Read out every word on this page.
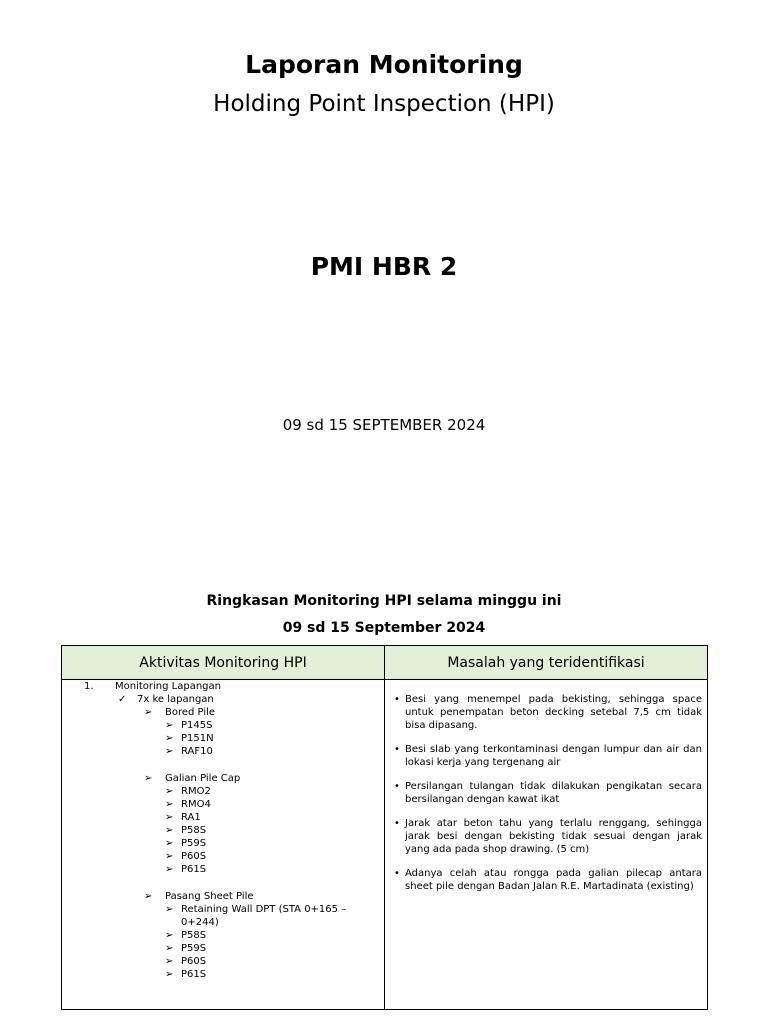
Laporan Monitoring
Holding Point Inspection (HPI)
PMI HBR 2
09 sd 15 SEPTEMBER 2024
Ringkasan Monitoring HPI selama minggu ini
09 sd 15 September 2024
Aktivitas Monitoring HPI	Masalah yang teridentifikasi
1. Monitoring Lapangan
✓ 7x ke lapangan
➢ Bored Pile
➢ P145S
➢ P151N
➢ RAF10
➢ Galian Pile Cap
➢ RMO2
➢ RMO4
➢ RA1
➢ P58S
➢ P59S
➢ P60S
➢ P61S
➢ Pasang Sheet Pile
➢ Retaining Wall DPT (STA 0+165 –
0+244)
➢ P58S
➢ P59S
➢ P60S
➢ P61S
• Besi yang menempel pada bekisting, sehingga space untuk penempatan beton decking setebal 7,5 cm tidak bisa dipasang.
• Besi slab yang terkontaminasi dengan lumpur dan air dan lokasi kerja yang tergenang air
• Persilangan tulangan tidak dilakukan pengikatan secara bersilangan dengan kawat ikat
• Jarak atar beton tahu yang terlalu renggang, sehingga jarak besi dengan bekisting tidak sesuai dengan jarak yang ada pada shop drawing. (5 cm)
• Adanya celah atau rongga pada galian pilecap antara sheet pile dengan Badan Jalan R.E. Martadinata (existing)
